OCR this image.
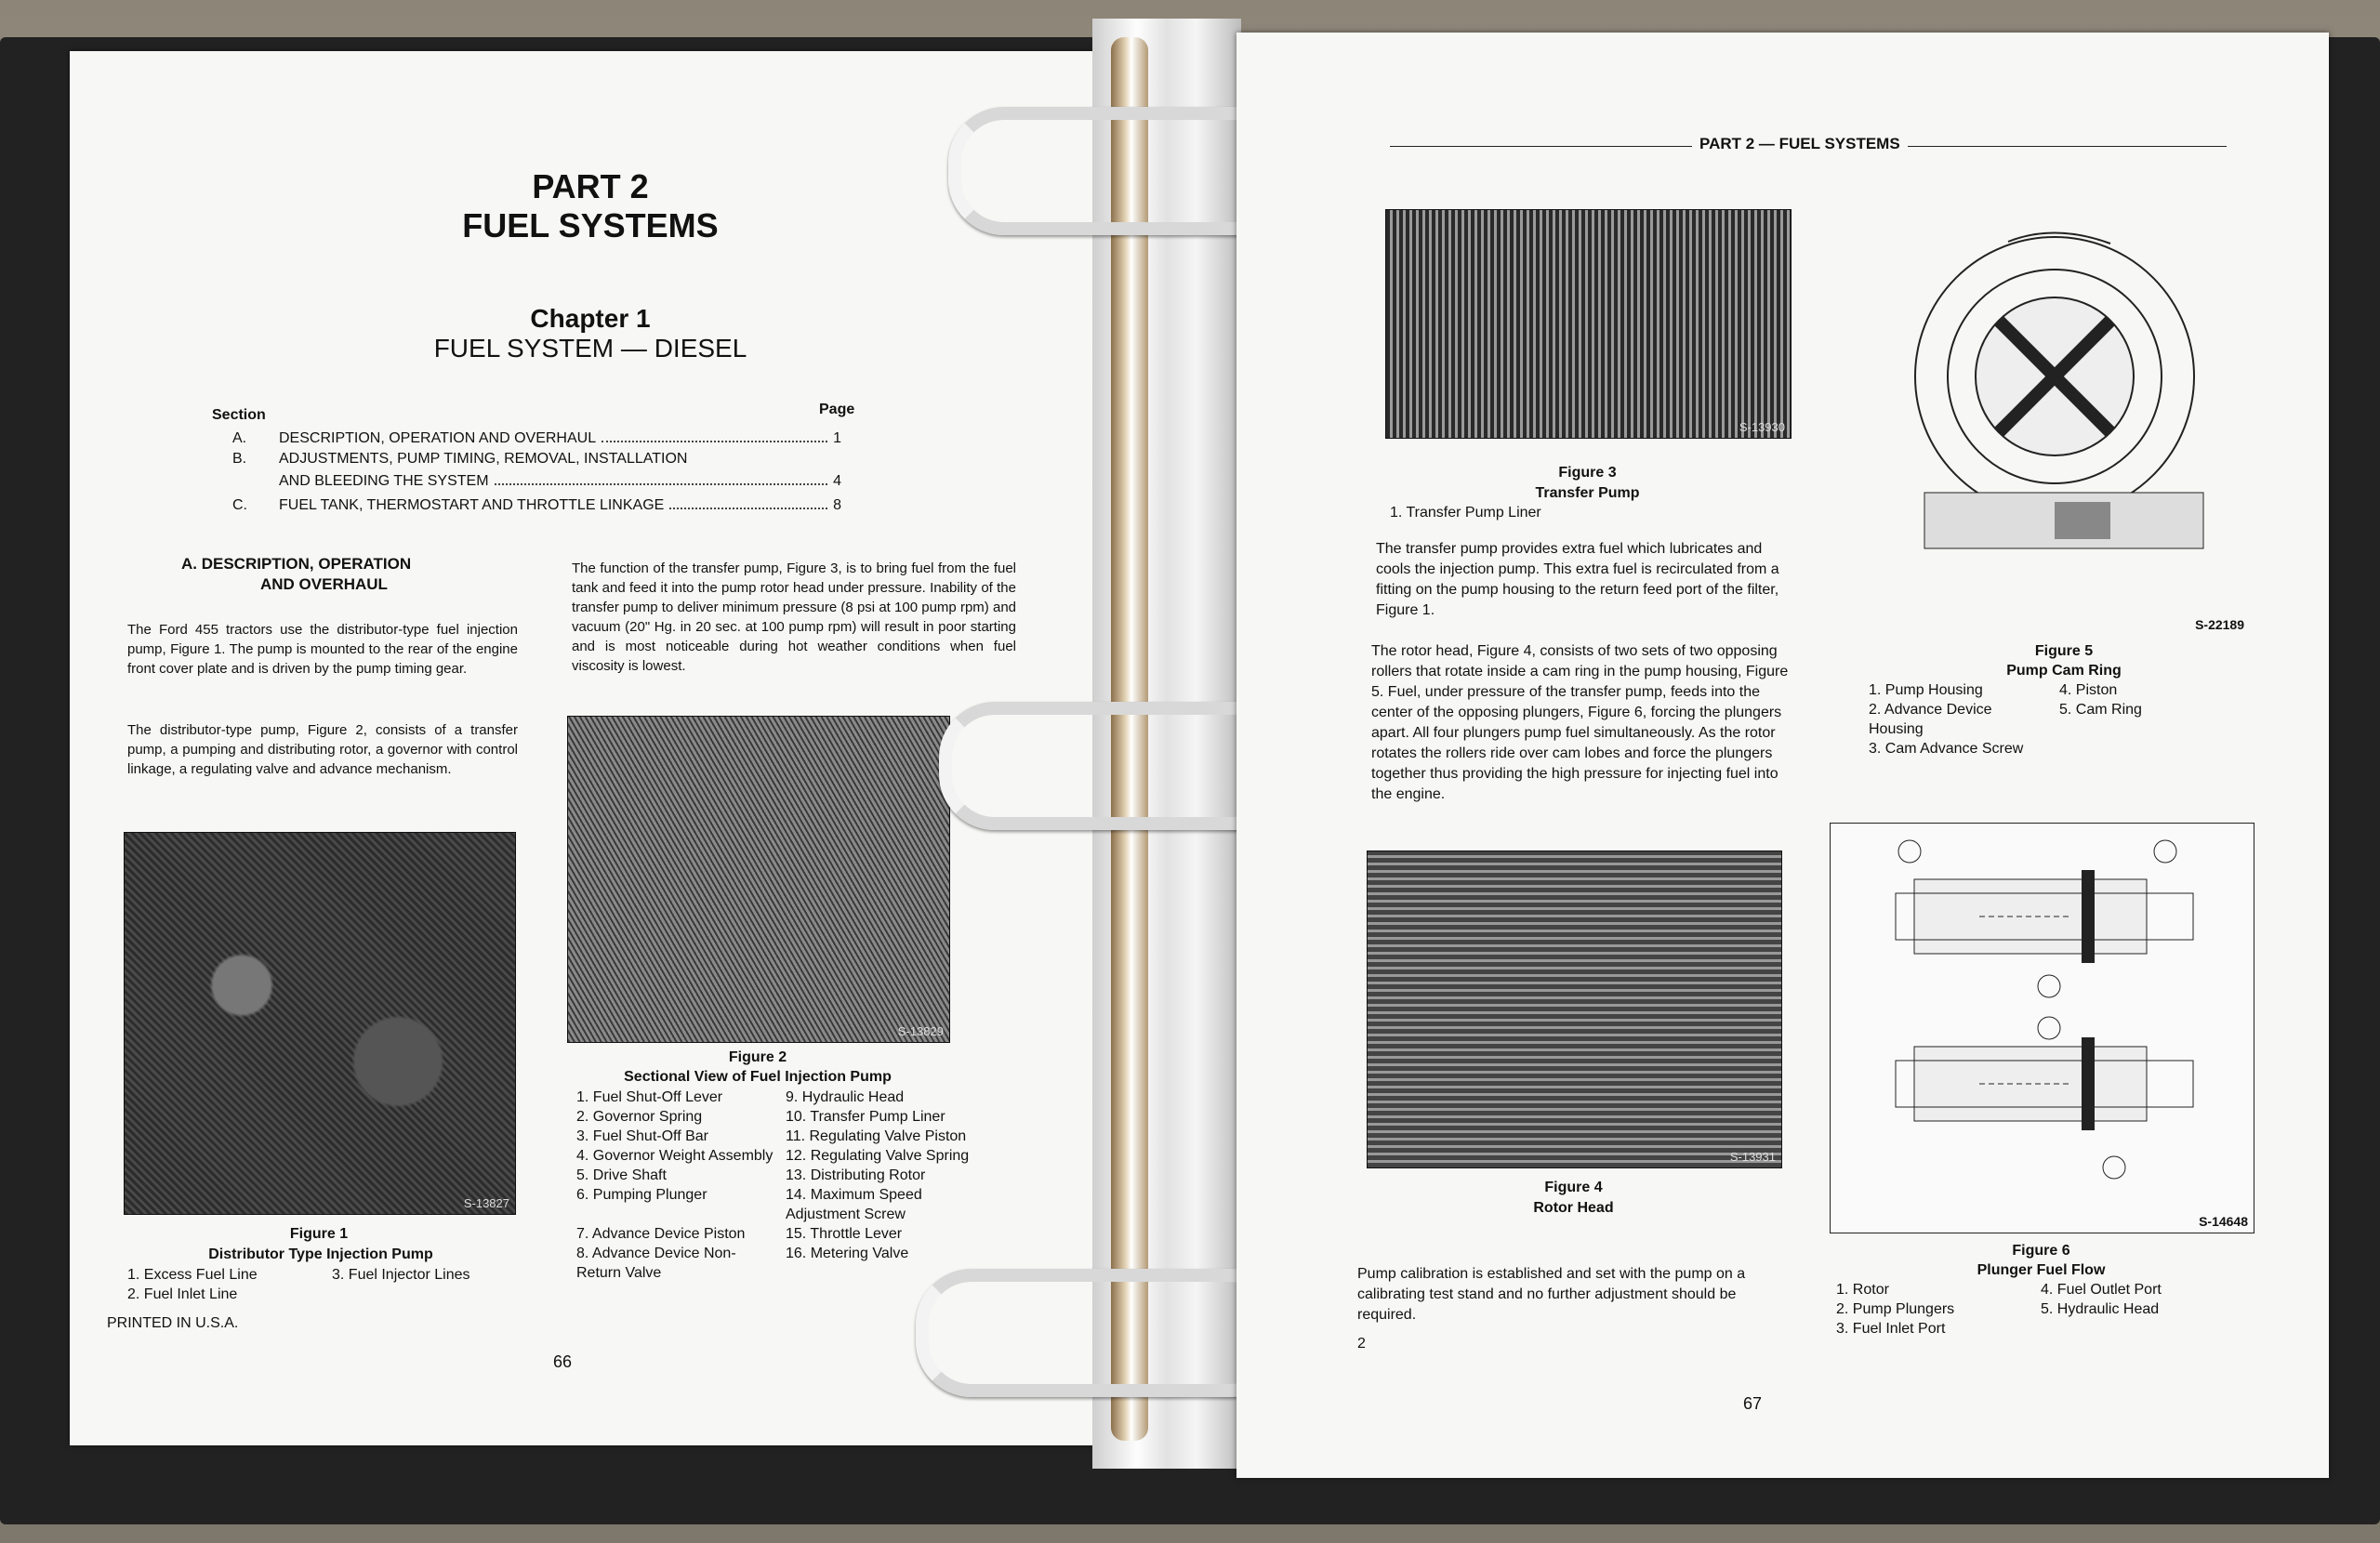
PART 2
FUEL SYSTEMS
Chapter 1
FUEL SYSTEM — DIESEL
Section	Page
A.	DESCRIPTION, OPERATION AND OVERHAUL	1
B.	ADJUSTMENTS, PUMP TIMING, REMOVAL, INSTALLATION
AND BLEEDING THE SYSTEM	4
C.	FUEL TANK, THERMOSTART AND THROTTLE LINKAGE	8
A. DESCRIPTION, OPERATION
AND OVERHAUL
The Ford 455 tractors use the distributor-type fuel injection pump, Figure 1. The pump is mounted to the rear of the engine front cover plate and is driven by the pump timing gear.
The distributor-type pump, Figure 2, consists of a transfer pump, a pumping and distributing rotor, a governor with control linkage, a regulating valve and advance mechanism.
The function of the transfer pump, Figure 3, is to bring fuel from the fuel tank and feed it into the pump rotor head under pressure. Inability of the transfer pump to deliver minimum pressure (8 psi at 100 pump rpm) and vacuum (20" Hg. in 20 sec. at 100 pump rpm) will result in poor starting and is most noticeable during hot weather conditions when fuel viscosity is lowest.
S-13827
Figure 1
Distributor Type Injection Pump
1. Excess Fuel Line	3. Fuel Injector Lines
2. Fuel Inlet Line
S-13829
Figure 2
Sectional View of Fuel Injection Pump
1. Fuel Shut-Off Lever	9. Hydraulic Head
2. Governor Spring	10. Transfer Pump Liner
3. Fuel Shut-Off Bar	11. Regulating Valve Piston
4. Governor Weight Assembly 12. Regulating Valve Spring
5. Drive Shaft	13. Distributing Rotor
6. Pumping Plunger	14. Maximum Speed Adjustment Screw
7. Advance Device Piston	15. Throttle Lever
8. Advance Device Non-Return Valve
16. Metering Valve
PRINTED IN U.S.A.
66
PART 2 — FUEL SYSTEMS
S-13930
Figure 3
Transfer Pump
1. Transfer Pump Liner
The transfer pump provides extra fuel which lubricates and cools the injection pump. This extra fuel is recirculated from a fitting on the pump housing to the return feed port of the filter, Figure 1.
The rotor head, Figure 4, consists of two sets of two opposing rollers that rotate inside a cam ring in the pump housing, Figure 5. Fuel, under pressure of the transfer pump, feeds into the center of the opposing plungers, Figure 6, forcing the plungers apart. All four plungers pump fuel simultaneously. As the rotor rotates the rollers ride over cam lobes and force the plungers together thus providing the high pressure for injecting fuel into the engine.
S-13931
Figure 4
Rotor Head
Pump calibration is established and set with the pump on a calibrating test stand and no further adjustment should be required.
2
S-22189
Figure 5
Pump Cam Ring
1. Pump Housing	4. Piston
2. Advance Device Housing
5. Cam Ring
3. Cam Advance Screw
S-14648
Figure 6
Plunger Fuel Flow
1. Rotor	4. Fuel Outlet Port
2. Pump Plungers	5. Hydraulic Head
3. Fuel Inlet Port
67
